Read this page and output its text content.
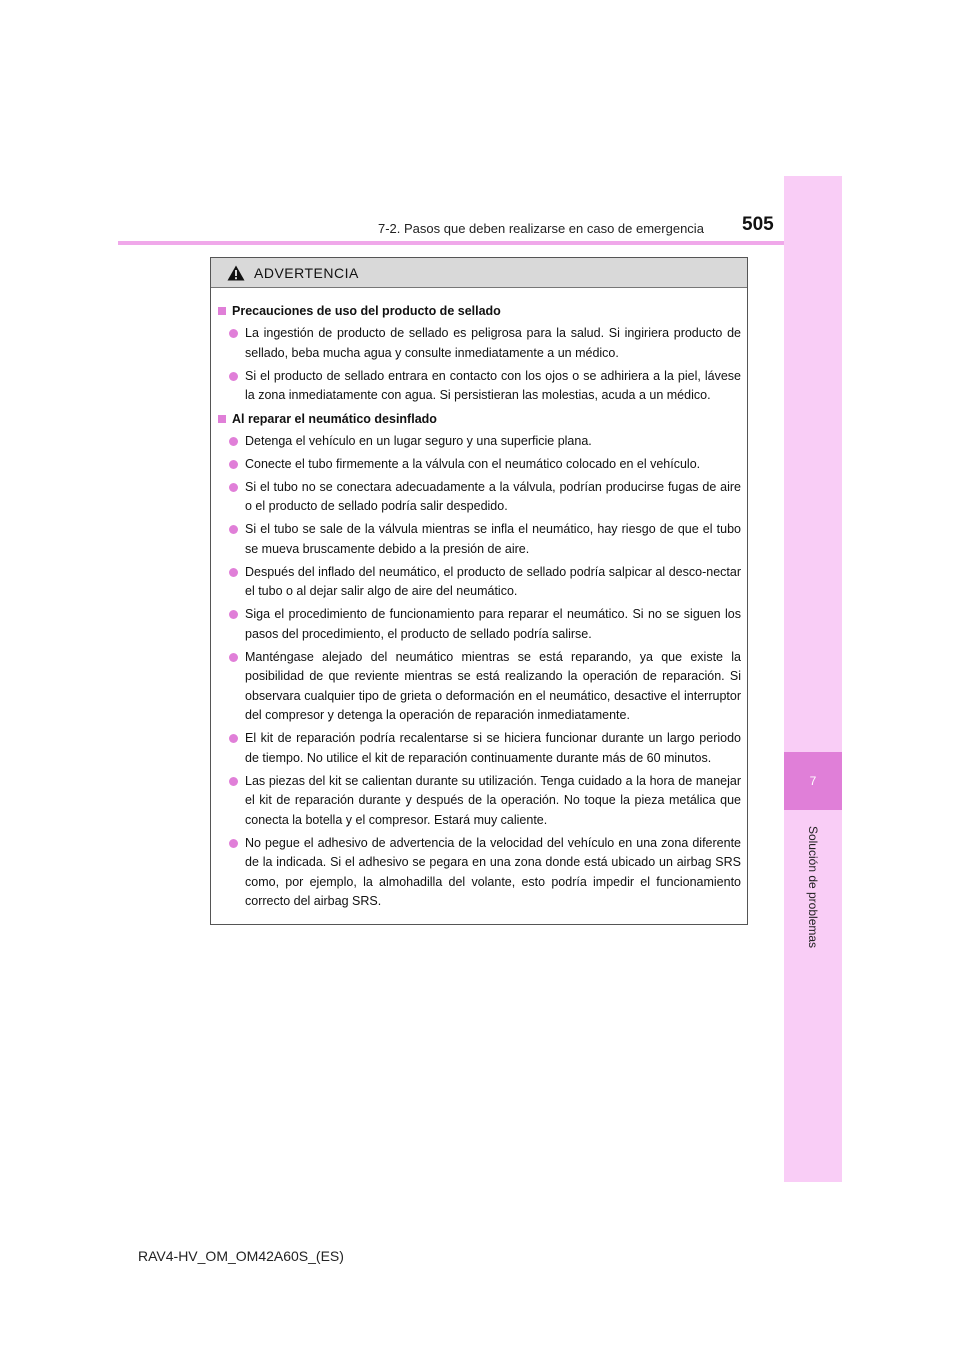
7
Solución de problemas
7-2. Pasos que deben realizarse en caso de emergencia 505
ADVERTENCIA
Precauciones de uso del producto de sellado
La ingestión de producto de sellado es peligrosa para la salud. Si ingiriera producto de sellado, beba mucha agua y consulte inmediatamente a un médico.
Si el producto de sellado entrara en contacto con los ojos o se adhiriera a la piel, lávese la zona inmediatamente con agua. Si persistieran las molestias, acuda a un médico.
Al reparar el neumático desinflado
Detenga el vehículo en un lugar seguro y una superficie plana.
Conecte el tubo firmemente a la válvula con el neumático colocado en el vehículo.
Si el tubo no se conectara adecuadamente a la válvula, podrían producirse fugas de aire o el producto de sellado podría salir despedido.
Si el tubo se sale de la válvula mientras se infla el neumático, hay riesgo de que el tubo se mueva bruscamente debido a la presión de aire.
Después del inflado del neumático, el producto de sellado podría salpicar al desco-nectar el tubo o al dejar salir algo de aire del neumático.
Siga el procedimiento de funcionamiento para reparar el neumático. Si no se siguen los pasos del procedimiento, el producto de sellado podría salirse.
Manténgase alejado del neumático mientras se está reparando, ya que existe la posibilidad de que reviente mientras se está realizando la operación de reparación. Si observara cualquier tipo de grieta o deformación en el neumático, desactive el interruptor del compresor y detenga la operación de reparación inmediatamente.
El kit de reparación podría recalentarse si se hiciera funcionar durante un largo periodo de tiempo. No utilice el kit de reparación continuamente durante más de 60 minutos.
Las piezas del kit se calientan durante su utilización. Tenga cuidado a la hora de manejar el kit de reparación durante y después de la operación. No toque la pieza metálica que conecta la botella y el compresor. Estará muy caliente.
No pegue el adhesivo de advertencia de la velocidad del vehículo en una zona diferente de la indicada. Si el adhesivo se pegara en una zona donde está ubicado un airbag SRS como, por ejemplo, la almohadilla del volante, esto podría impedir el funcionamiento correcto del airbag SRS.
RAV4-HV_OM_OM42A60S_(ES)
